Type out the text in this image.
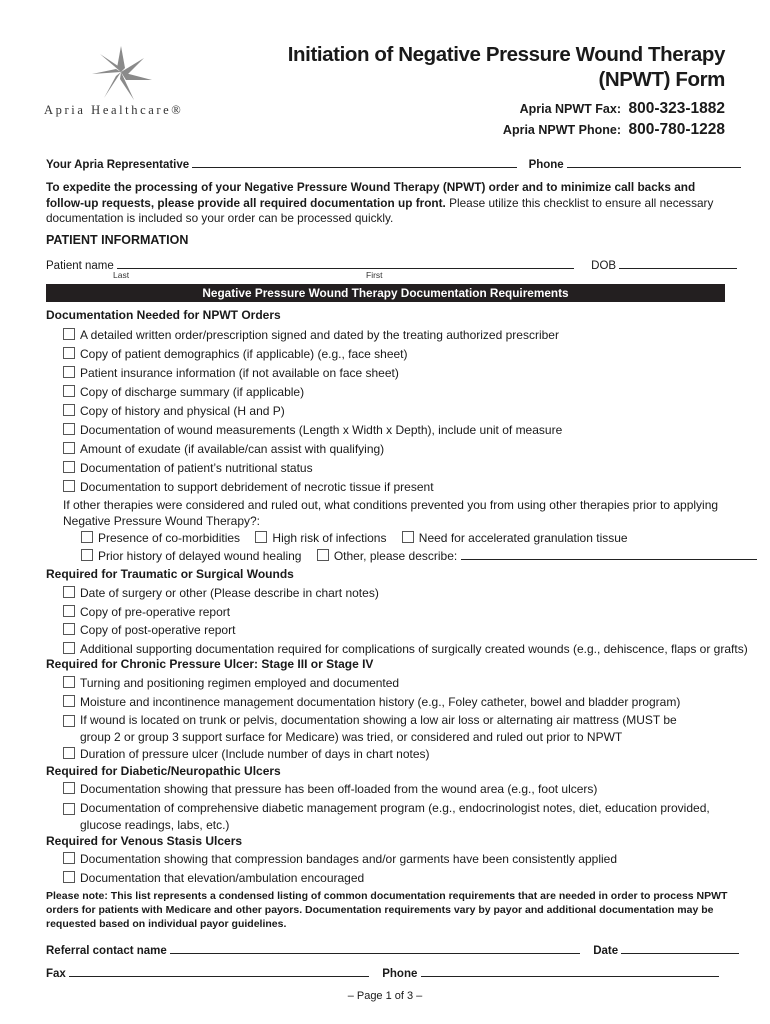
Apria Healthcare®
Initiation of Negative Pressure Wound Therapy
(NPWT) Form
Apria NPWT Fax: 800-323-1882
Apria NPWT Phone: 800-780-1228
Your Apria Representative	Phone
To expedite the processing of your Negative Pressure Wound Therapy (NPWT) order and to minimize call backs and follow-up requests, please provide all required documentation up front. Please utilize this checklist to ensure all necessary documentation is included so your order can be processed quickly.
PATIENT INFORMATION
Patient name	DOB
Last	First
Negative Pressure Wound Therapy Documentation Requirements
Documentation Needed for NPWT Orders
A detailed written order/prescription signed and dated by the treating authorized prescriber
Copy of patient demographics (if applicable) (e.g., face sheet)
Patient insurance information (if not available on face sheet)
Copy of discharge summary (if applicable)
Copy of history and physical (H and P)
Documentation of wound measurements (Length x Width x Depth), include unit of measure
Amount of exudate (if available/can assist with qualifying)
Documentation of patient’s nutritional status
Documentation to support debridement of necrotic tissue if present
If other therapies were considered and ruled out, what conditions prevented you from using other therapies prior to applying Negative Pressure Wound Therapy?:
Presence of co-morbidities	High risk of infections	Need for accelerated granulation tissue
Prior history of delayed wound healing	Other, please describe:
Required for Traumatic or Surgical Wounds
Date of surgery or other (Please describe in chart notes)
Copy of pre-operative report
Copy of post-operative report
Additional supporting documentation required for complications of surgically created wounds (e.g., dehiscence, flaps or grafts)
Required for Chronic Pressure Ulcer: Stage III or Stage IV
Turning and positioning regimen employed and documented
Moisture and incontinence management documentation history (e.g., Foley catheter, bowel and bladder program)
If wound is located on trunk or pelvis, documentation showing a low air loss or alternating air mattress (MUST be group 2 or group 3 support surface for Medicare) was tried, or considered and ruled out prior to NPWT
Duration of pressure ulcer (Include number of days in chart notes)
Required for Diabetic/Neuropathic Ulcers
Documentation showing that pressure has been off-loaded from the wound area (e.g., foot ulcers)
Documentation of comprehensive diabetic management program (e.g., endocrinologist notes, diet, education provided, glucose readings, labs, etc.)
Required for Venous Stasis Ulcers
Documentation showing that compression bandages and/or garments have been consistently applied
Documentation that elevation/ambulation encouraged
Please note: This list represents a condensed listing of common documentation requirements that are needed in order to process NPWT orders for patients with Medicare and other payors. Documentation requirements vary by payor and additional documentation may be requested based on individual payor guidelines.
Referral contact name	Date
Fax	Phone
– Page 1 of 3 –
